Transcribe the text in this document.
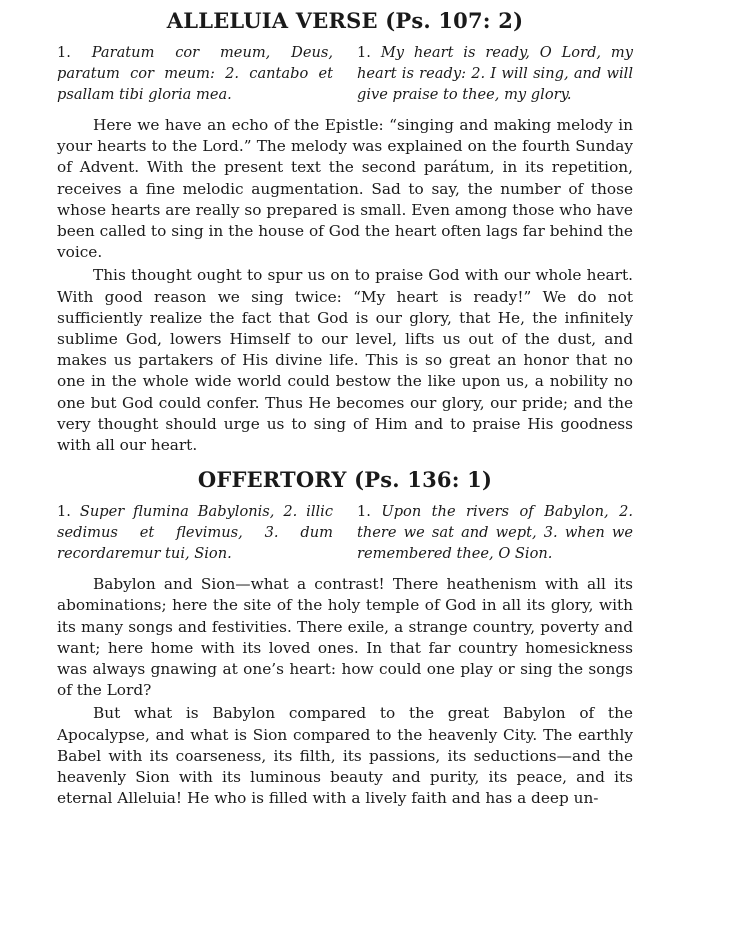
ALLELUIA VERSE (Ps. 107: 2)
1. Paratum cor meum, Deus, paratum cor meum: 2. cantabo et psallam tibi gloria mea.
1. My heart is ready, O Lord, my heart is ready: 2. I will sing, and will give praise to thee, my glory.

Here we have an echo of the Epistle: “singing and making melody in your hearts to the Lord.” The melody was explained on the fourth Sunday of Advent. With the present text the second parátum, in its repetition, receives a fine melodic augmentation. Sad to say, the number of those whose hearts are really so prepared is small. Even among those who have been called to sing in the house of God the heart often lags far behind the voice.

This thought ought to spur us on to praise God with our whole heart. With good reason we sing twice: “My heart is ready!” We do not sufficiently realize the fact that God is our glory, that He, the infinitely sublime God, lowers Himself to our level, lifts us out of the dust, and makes us partakers of His divine life. This is so great an honor that no one in the whole wide world could bestow the like upon us, a nobility no one but God could confer. Thus He becomes our glory, our pride; and the very thought should urge us to sing of Him and to praise His goodness with all our heart.

OFFERTORY (Ps. 136: 1)
1. Super flumina Babylonis, 2. illic sedimus et flevimus, 3. dum recordaremur tui, Sion.
1. Upon the rivers of Babylon, 2. there we sat and wept, 3. when we remembered thee, O Sion.

Babylon and Sion—what a contrast! There heathenism with all its abominations; here the site of the holy temple of God in all its glory, with its many songs and festivities. There exile, a strange country, poverty and want; here home with its loved ones. In that far country homesickness was always gnawing at one’s heart: how could one play or sing the songs of the Lord?

But what is Babylon compared to the great Babylon of the Apocalypse, and what is Sion compared to the heavenly City. The earthly Babel with its coarseness, its filth, its passions, its seductions—and the heavenly Sion with its luminous beauty and purity, its peace, and its eternal Alleluia! He who is filled with a lively faith and has a deep un-
